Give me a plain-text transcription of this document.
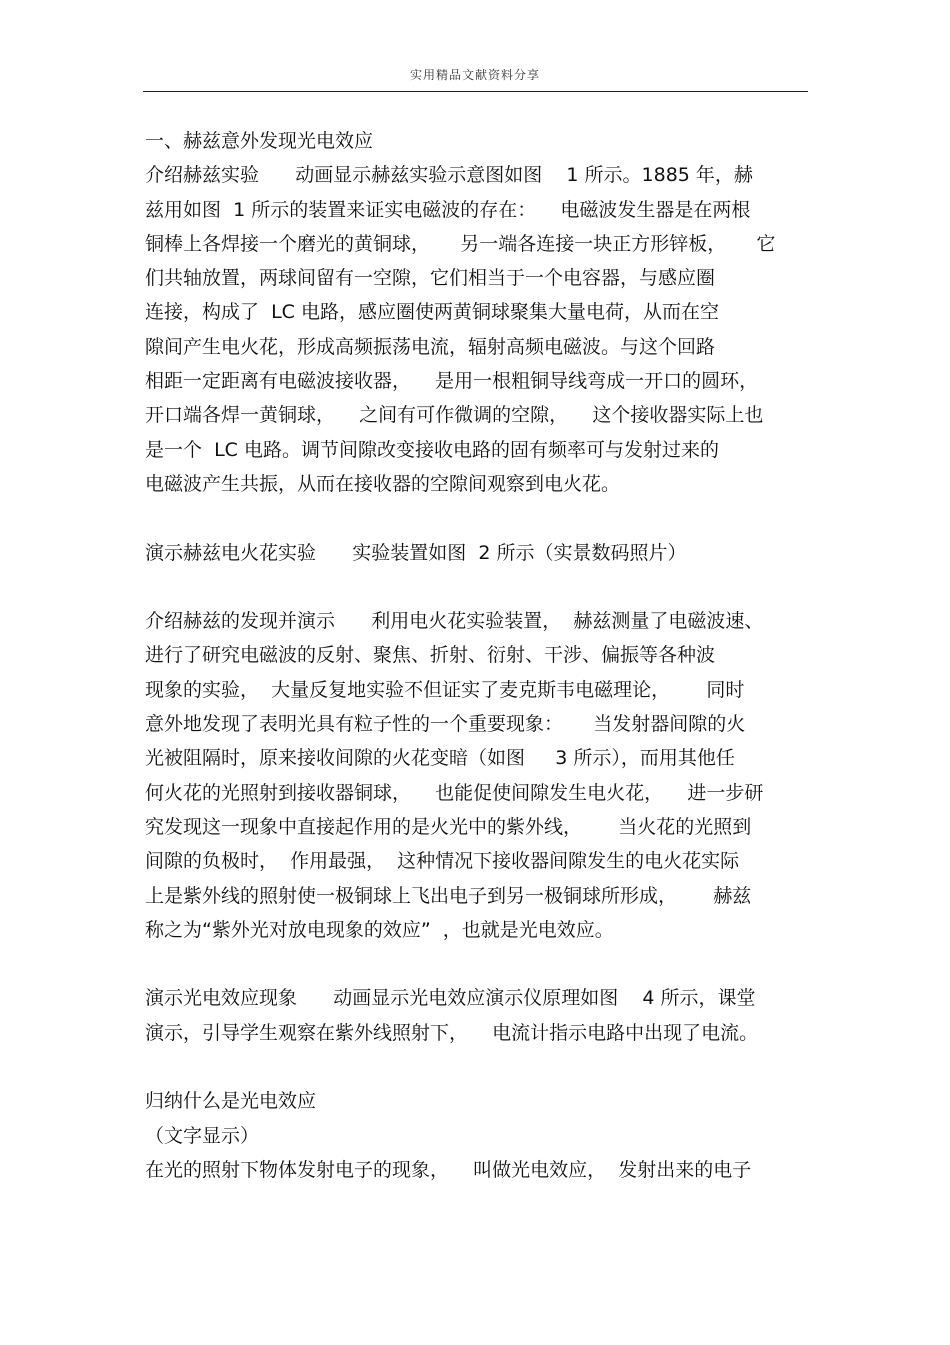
实用精品文献资料分享
一、赫兹意外发现光电效应
介绍赫兹实验      动画显示赫兹实验示意图如图    1 所示。1885 年，赫
兹用如图  1 所示的装置来证实电磁波的存在：    电磁波发生器是在两根
铜棒上各焊接一个磨光的黄铜球，     另一端各连接一块正方形锌板，     它
们共轴放置，两球间留有一空隙，它们相当于一个电容器，与感应圈
连接，构成了  LC 电路，感应圈使两黄铜球聚集大量电荷，从而在空
隙间产生电火花，形成高频振荡电流，辐射高频电磁波。与这个回路
相距一定距离有电磁波接收器，    是用一根粗铜导线弯成一开口的圆环，
开口端各焊一黄铜球，    之间有可作微调的空隙，    这个接收器实际上也
是一个  LC 电路。调节间隙改变接收电路的固有频率可与发射过来的
电磁波产生共振，从而在接收器的空隙间观察到电火花。
演示赫兹电火花实验      实验装置如图  2 所示（实景数码照片）
介绍赫兹的发现并演示      利用电火花实验装置，  赫兹测量了电磁波速、
进行了研究电磁波的反射、聚焦、折射、衍射、干涉、偏振等各种波
现象的实验，  大量反复地实验不但证实了麦克斯韦电磁理论，      同时
意外地发现了表明光具有粒子性的一个重要现象：     当发射器间隙的火
光被阻隔时，原来接收间隙的火花变暗（如图     3 所示），而用其他任
何火花的光照射到接收器铜球，    也能促使间隙发生电火花，    进一步研
究发现这一现象中直接起作用的是火光中的紫外线，      当火花的光照到
间隙的负极时，  作用最强，  这种情况下接收器间隙发生的电火花实际
上是紫外线的照射使一极铜球上飞出电子到另一极铜球所形成，      赫兹
称之为“紫外光对放电现象的效应”  ，也就是光电效应。
演示光电效应现象      动画显示光电效应演示仪原理如图    4 所示，课堂
演示，引导学生观察在紫外线照射下，    电流计指示电路中出现了电流。
归纳什么是光电效应
（文字显示）
在光的照射下物体发射电子的现象，    叫做光电效应，  发射出来的电子
